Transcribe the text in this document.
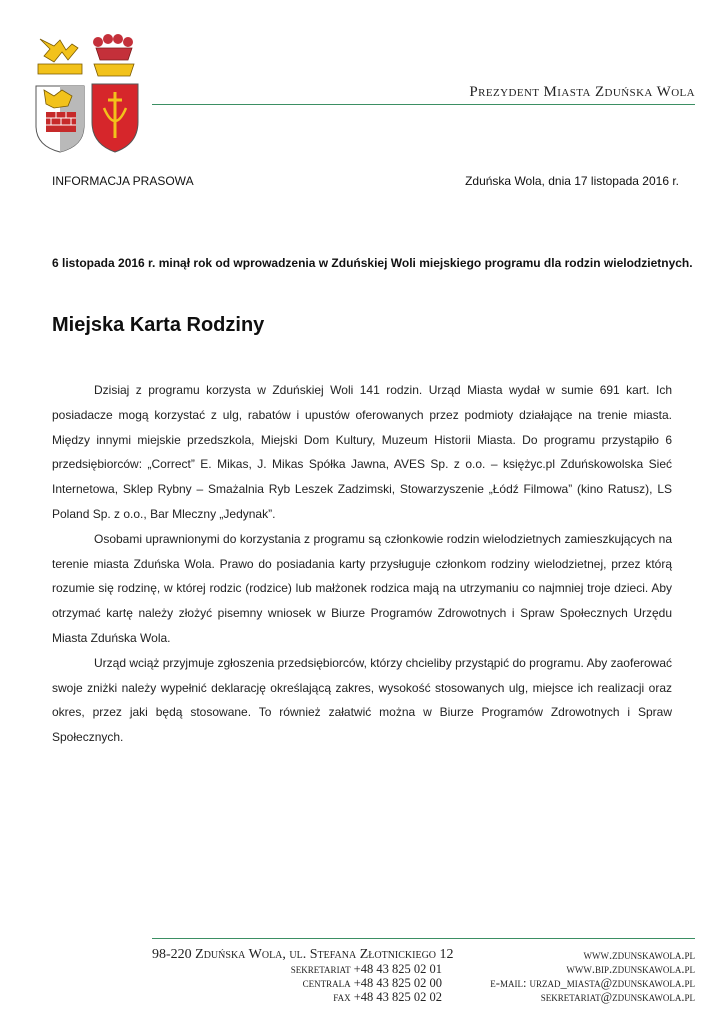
Prezydent Miasta Zduńska Wola
INFORMACJA PRASOWA	Zduńska Wola, dnia 17 listopada 2016 r.
6 listopada 2016 r. minął rok od wprowadzenia w Zduńskiej Woli miejskiego programu dla rodzin wielodzietnych.
Miejska Karta Rodziny

Dzisiaj z programu korzysta w Zduńskiej Woli 141 rodzin. Urząd Miasta wydał w sumie 691 kart. Ich posiadacze mogą korzystać z ulg, rabatów i upustów oferowanych przez podmioty działające na trenie miasta. Między innymi miejskie przedszkola, Miejski Dom Kultury, Muzeum Historii Miasta. Do programu przystąpiło 6 przedsiębiorców: „Correct” E. Mikas, J. Mikas Spółka Jawna, AVES Sp. z o.o. – księżyc.pl Zduńskowolska Sieć Internetowa, Sklep Rybny – Smażalnia Ryb Leszek Zadzimski, Stowarzyszenie „Łódź Filmowa” (kino Ratusz), LS Poland Sp. z o.o., Bar Mleczny „Jedynak”.

Osobami uprawnionymi do korzystania z programu są członkowie rodzin wielodzietnych zamieszkujących na terenie miasta Zduńska Wola. Prawo do posiadania karty przysługuje członkom rodziny wielodzietnej, przez którą rozumie się rodzinę, w której rodzic (rodzice) lub małżonek rodzica mają na utrzymaniu co najmniej troje dzieci. Aby otrzymać kartę należy złożyć pisemny wniosek w Biurze Programów Zdrowotnych i Spraw Społecznych Urzędu Miasta Zduńska Wola.

Urząd wciąż przyjmuje zgłoszenia przedsiębiorców, którzy chcieliby przystąpić do programu. Aby zaoferować swoje zniżki należy wypełnić deklarację określającą zakres, wysokość stosowanych ulg, miejsce ich realizacji oraz okres, przez jaki będą stosowane. To również załatwić można w Biurze Programów Zdrowotnych i Spraw Społecznych.

98-220 Zduńska Wola, ul. Stefana Złotnickiego 12
sekretariat +48 43 825 02 01
centrala +48 43 825 02 00
fax +48 43 825 02 02
www.zdunskawola.pl
www.bip.zdunskawola.pl
e-mail: urzad_miasta@zdunskawola.pl
sekretariat@zdunskawola.pl
